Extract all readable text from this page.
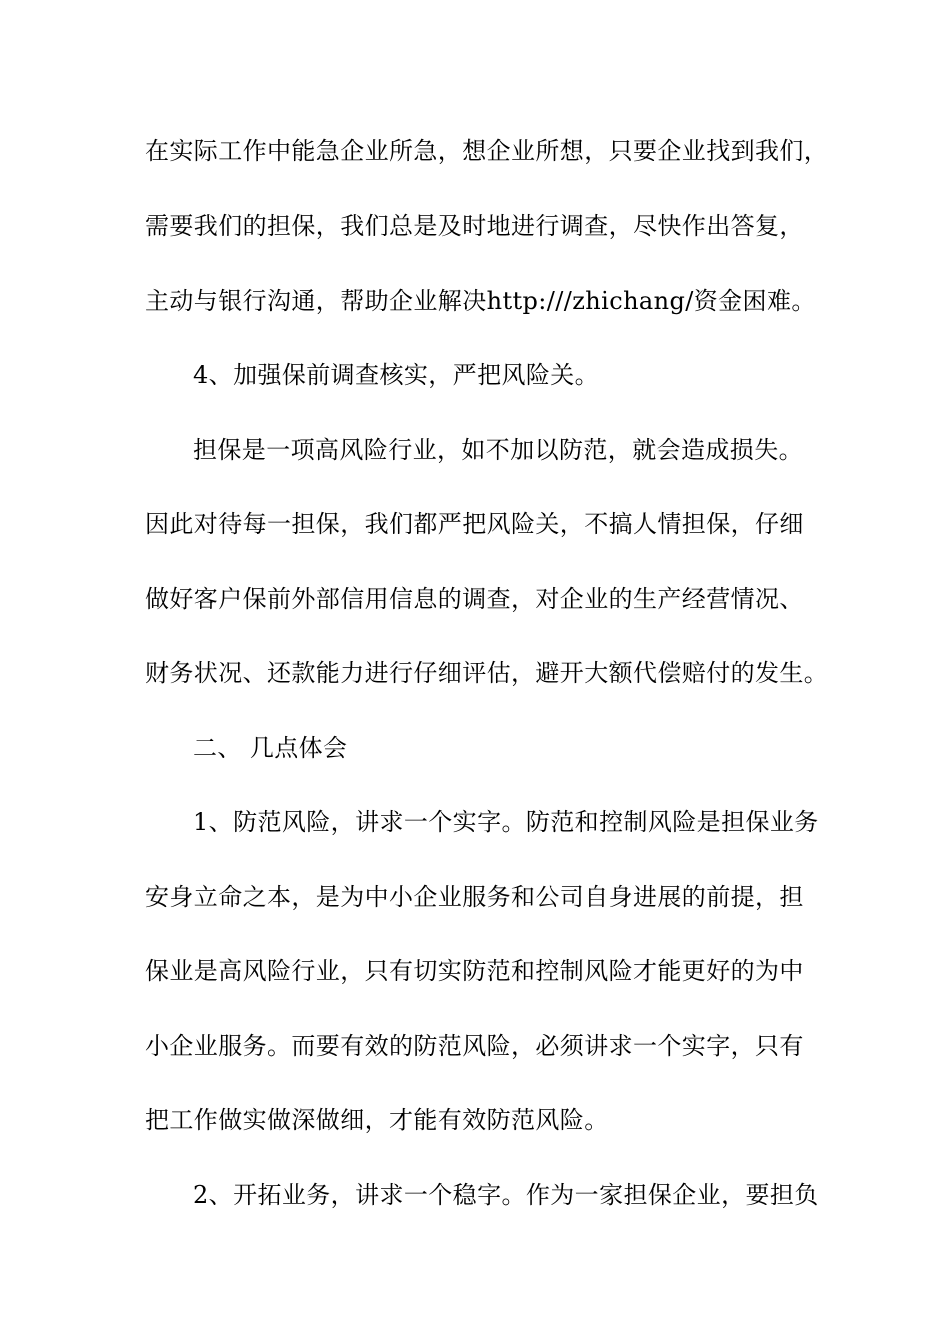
在实际工作中能急企业所急，想企业所想，只要企业找到我们，
需要我们的担保，我们总是及时地进行调查，尽快作出答复，
主动与银行沟通，帮助企业解决http:///zhichang/资金困难。
4、加强保前调查核实，严把风险关。
担保是一项高风险行业，如不加以防范，就会造成损失。
因此对待每一担保，我们都严把风险关，不搞人情担保，仔细
做好客户保前外部信用信息的调查，对企业的生产经营情况、
财务状况、还款能力进行仔细评估，避开大额代偿赔付的发生。
二、 几点体会
1、防范风险，讲求一个实字。防范和控制风险是担保业务
安身立命之本，是为中小企业服务和公司自身进展的前提，担
保业是高风险行业，只有切实防范和控制风险才能更好的为中
小企业服务。而要有效的防范风险，必须讲求一个实字，只有
把工作做实做深做细，才能有效防范风险。
2、开拓业务，讲求一个稳字。作为一家担保企业，要担负
